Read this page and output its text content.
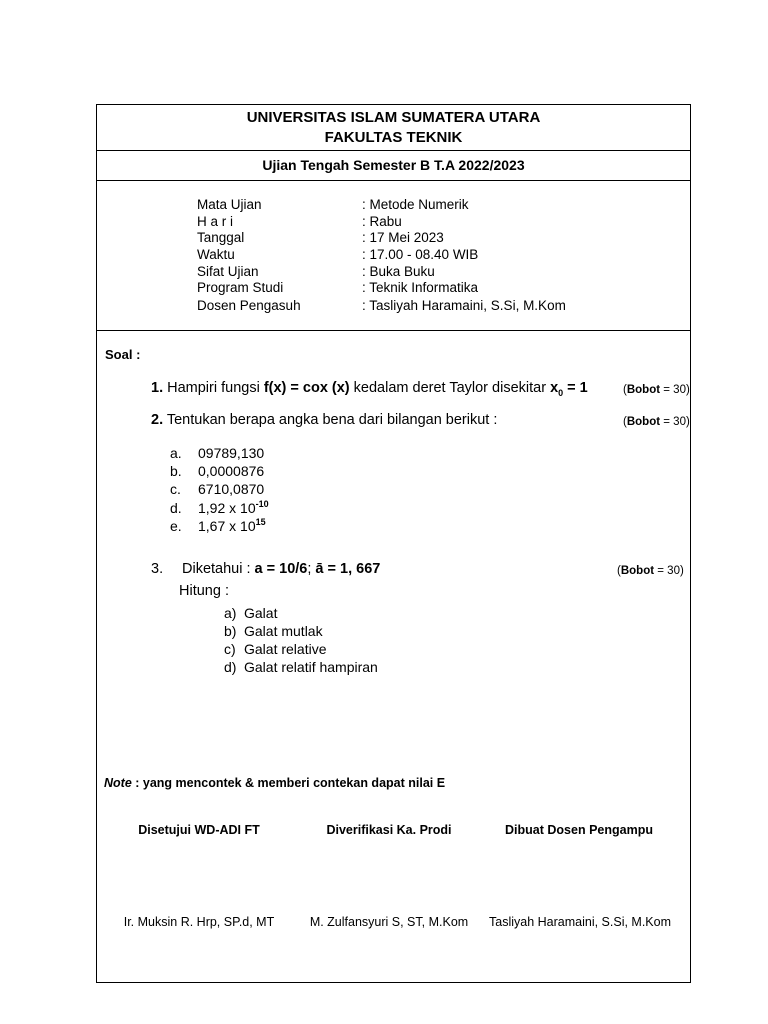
UNIVERSITAS ISLAM SUMATERA UTARA
FAKULTAS TEKNIK
Ujian Tengah Semester B T.A 2022/2023
Mata Ujian	: Metode Numerik
H a r i	: Rabu
Tanggal	: 17 Mei 2023
Waktu	: 17.00 - 08.40 WIB
Sifat Ujian	: Buka Buku
Program Studi	: Teknik Informatika
Dosen Pengasuh	: Tasliyah Haramaini, S.Si, M.Kom
Soal :
1. Hampiri fungsi f(x) = cox (x) kedalam deret Taylor disekitar $x_0 = 1$	(Bobot = 30)
2. Tentukan berapa angka bena dari bilangan berikut :	(Bobot = 30)
a. 09789,130
b. 0,0000876
c. 6710,0870
d. 1,92 x $10^{-10}$
e. 1,67 x $10^{15}$
3. Diketahui : a = 10/6; ā = 1, 667	(Bobot = 30)
Hitung :
a) Galat
b) Galat mutlak
c) Galat relative
d) Galat relatif hampiran
Note : yang mencontek & memberi contekan dapat nilai E
Disetujui WD-ADI FT	Diverifikasi Ka. Prodi	Dibuat Dosen Pengampu
Ir. Muksin R. Hrp, SP.d, MT	M. Zulfansyuri S, ST, M.Kom	Tasliyah Haramaini, S.Si, M.Kom
